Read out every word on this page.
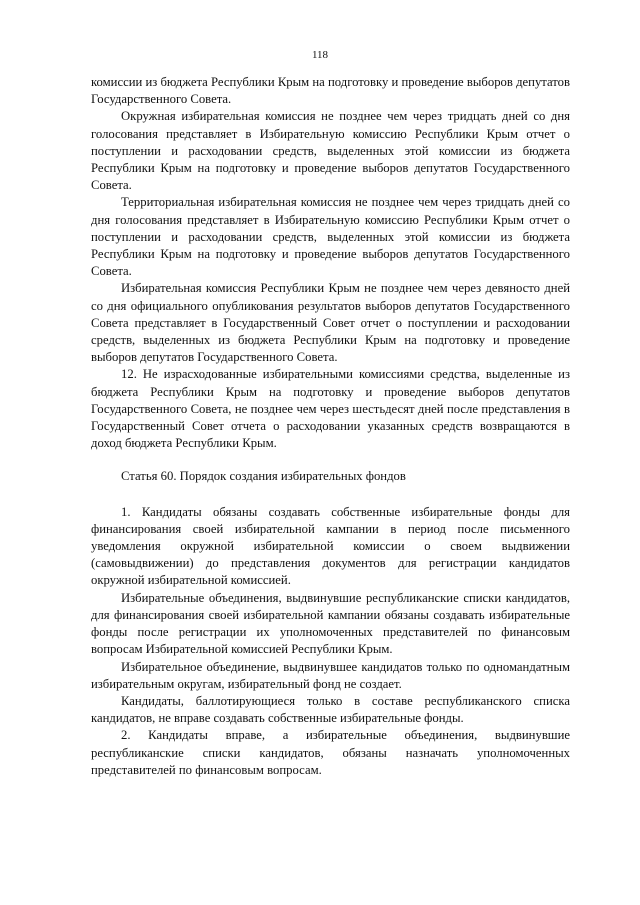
118

комиссии из бюджета Республики Крым на подготовку и проведение выборов депутатов Государственного Совета.

Окружная избирательная комиссия не позднее чем через тридцать дней со дня голосования представляет в Избирательную комиссию Республики Крым отчет о поступлении и расходовании средств, выделенных этой комиссии из бюджета Республики Крым на подготовку и проведение выборов депутатов Государственного Совета.

Территориальная избирательная комиссия не позднее чем через тридцать дней со дня голосования представляет в Избирательную комиссию Республики Крым отчет о поступлении и расходовании средств, выделенных этой комиссии из бюджета Республики Крым на подготовку и проведение выборов депутатов Государственного Совета.

Избирательная комиссия Республики Крым не позднее чем через девяносто дней со дня официального опубликования результатов выборов депутатов Государственного Совета представляет в Государственный Совет отчет о поступлении и расходовании средств, выделенных из бюджета Республики Крым на подготовку и проведение выборов депутатов Государственного Совета.

12. Не израсходованные избирательными комиссиями средства, выделенные из бюджета Республики Крым на подготовку и проведение выборов депутатов Государственного Совета, не позднее чем через шестьдесят дней после представления в Государственный Совет отчета о расходовании указанных средств возвращаются в доход бюджета Республики Крым.

Статья 60. Порядок создания избирательных фондов

1. Кандидаты обязаны создавать собственные избирательные фонды для финансирования своей избирательной кампании в период после письменного уведомления окружной избирательной комиссии о своем выдвижении (самовыдвижении) до представления документов для регистрации кандидатов окружной избирательной комиссией.

Избирательные объединения, выдвинувшие республиканские списки кандидатов, для финансирования своей избирательной кампании обязаны создавать избирательные фонды после регистрации их уполномоченных представителей по финансовым вопросам Избирательной комиссией Республики Крым.

Избирательное объединение, выдвинувшее кандидатов только по одномандатным избирательным округам, избирательный фонд не создает.

Кандидаты, баллотирующиеся только в составе республиканского списка кандидатов, не вправе создавать собственные избирательные фонды.

2. Кандидаты вправе, а избирательные объединения, выдвинувшие республиканские списки кандидатов, обязаны назначать уполномоченных представителей по финансовым вопросам.
